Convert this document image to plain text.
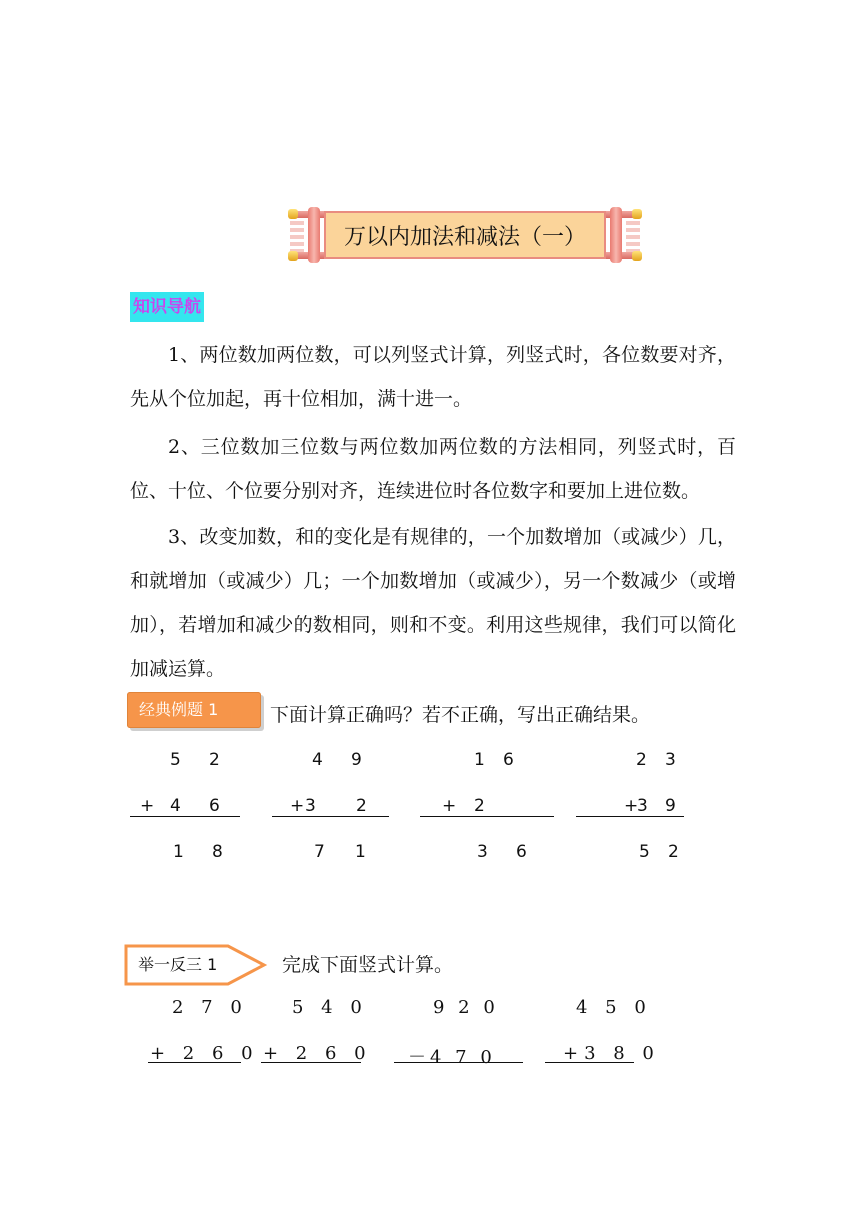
万以内加法和减法（一）
知识导航

1、两位数加两位数，可以列竖式计算，列竖式时，各位数要对齐，先从个位加起，再十位相加，满十进一。

2、三位数加三位数与两位数加两位数的方法相同，列竖式时，百位、十位、个位要分别对齐，连续进位时各位数字和要加上进位数。

3、改变加数，和的变化是有规律的，一个加数增加（或减少）几，和就增加（或减少）几；一个加数增加（或减少），另一个数减少（或增加），若增加和减少的数相同，则和不变。利用这些规律，我们可以简化加减运算。

经典例题 1	下面计算正确吗？若不正确，写出正确结果。
5 2
+ 4 6
1 8
4 9
+ 3 2
7 1
1 6
+ 2
3 6
2 3
+
3 9
5 2
举一反三 1	完成下面竖式计算。
2 7 0
+ 2 6 0
5 4 0
+ 2 6 0
9 2 0
－4 7 0
4 5 0
+3 8 0
